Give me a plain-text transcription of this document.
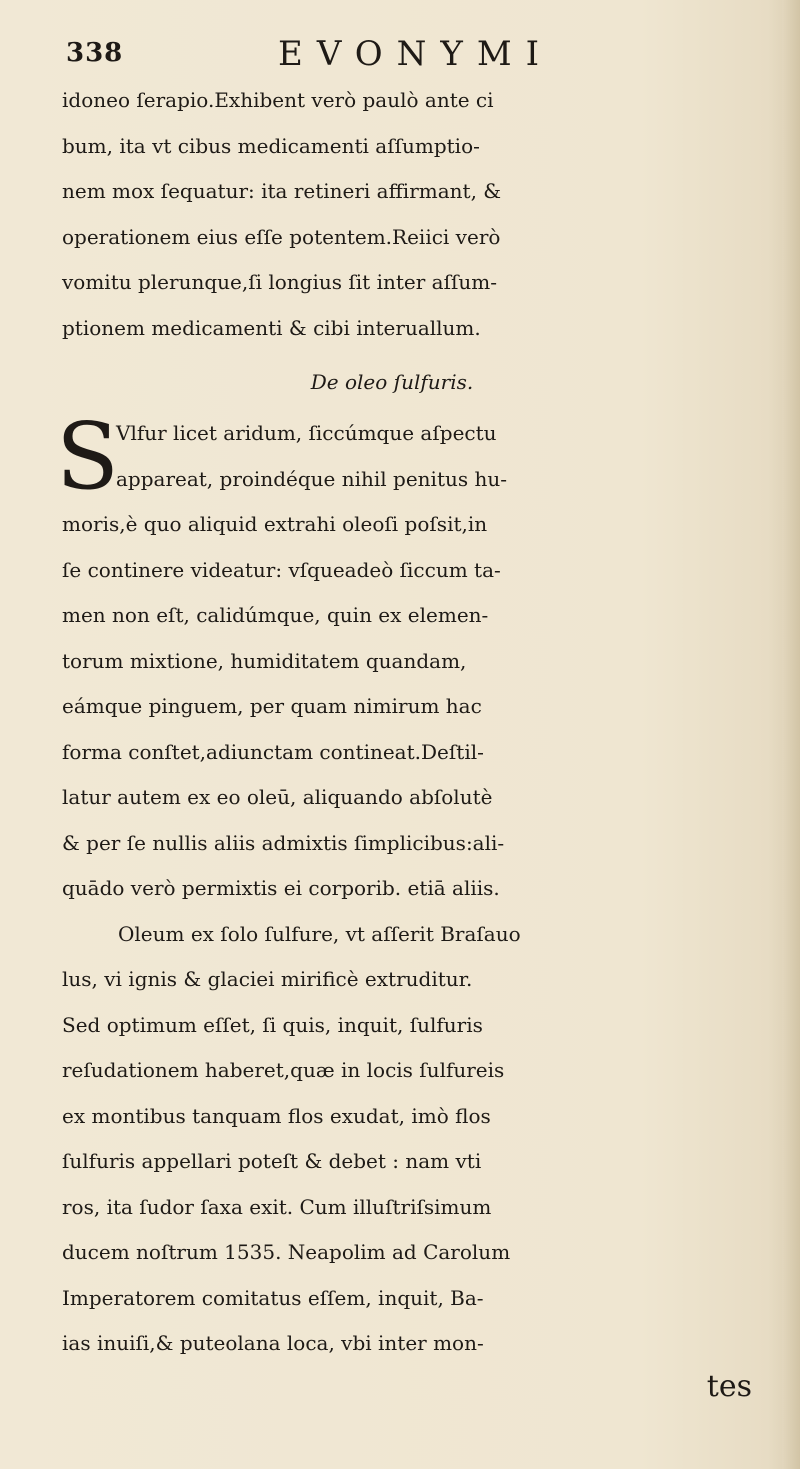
338	EVONYMI
idoneo ſerapio.Exhibent verò paulò ante ci
bum, ita vt cibus medicamenti aſſumptio-
nem mox ſequatur: ita retineri affirmant, &
operationem eius eſſe potentem.Reiici verò
vomitu plerunque,ſi longius ſit inter aſſum-
ptionem medicamenti & cibi interuallum.
De oleo ſulfuris.
S
Vlfur licet aridum, ſiccúmque aſpectu
appareat, proindéque nihil penitus hu-
moris,è quo aliquid extrahi oleoſi poſsit,in
ſe continere videatur: vſqueadeò ſiccum ta-
men non eſt, calidúmque, quin ex elemen-
torum mixtione, humiditatem quandam,
eámque pinguem, per quam nimirum hac
forma conſtet,adiunctam contineat.Deſtil-
latur autem ex eo oleū, aliquando abſolutè
& per ſe nullis aliis admixtis ſimplicibus:ali-
quādo verò permixtis ei corporib. etiā aliis.
Oleum ex ſolo ſulfure, vt aſſerit Braſauo
lus, vi ignis & glaciei mirificè extruditur.
Sed optimum eſſet, ſi quis, inquit, ſulfuris
reſudationem haberet,quæ in locis ſulfureis
ex montibus tanquam flos exudat, imò flos
ſulfuris appellari poteſt & debet : nam vti
ros, ita ſudor ſaxa exit. Cum illuſtriſsimum
ducem noſtrum 1535. Neapolim ad Carolum
Imperatorem comitatus eſſem, inquit, Ba-
ias inuiſi,& puteolana loca, vbi inter mon-
tes
